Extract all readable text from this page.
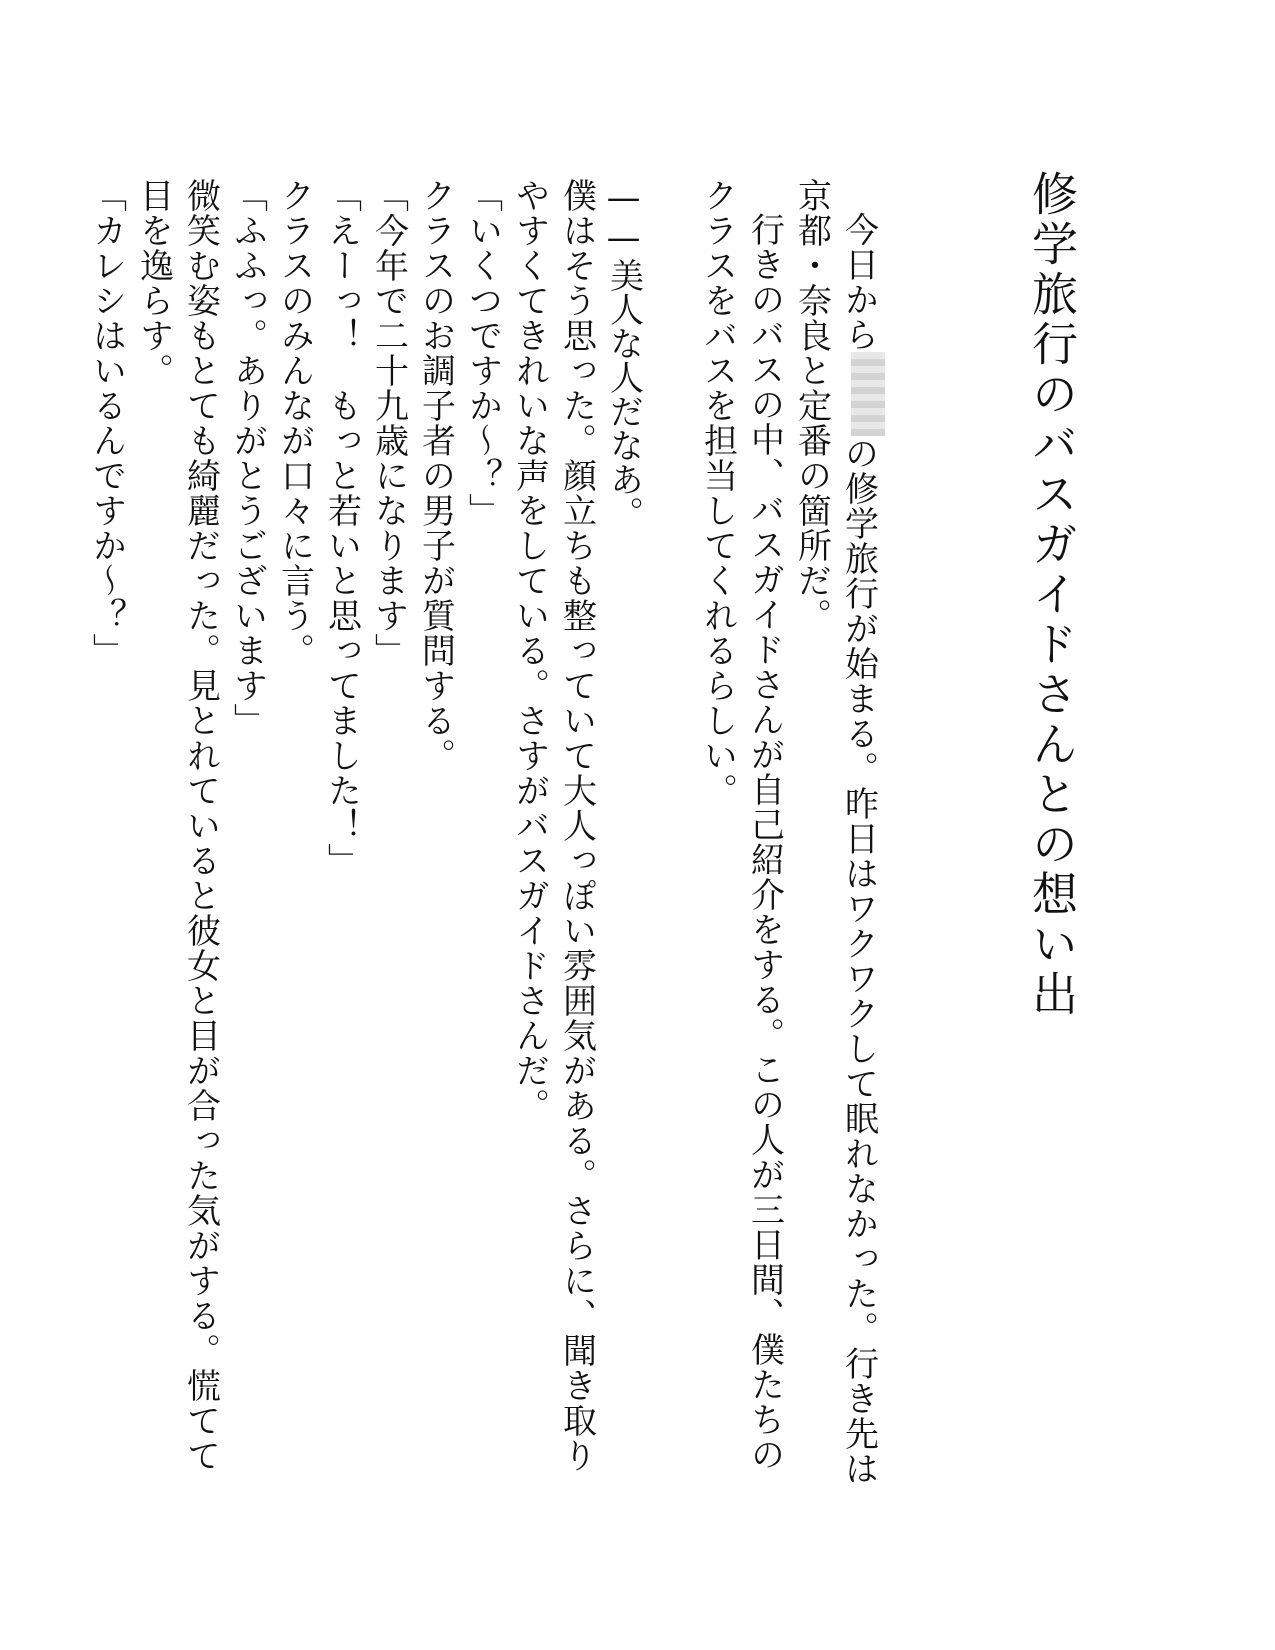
修学旅行のバスガイドさんとの想い出

今日からの修学旅行が始まる。昨日はワクワクして眠れなかった。行き先は京都・奈良と定番の箇所だ。

行きのバスの中、バスガイドさんが自己紹介をする。この人が三日間、僕たちのクラスをバスを担当してくれるらしい。

——美人な人だなあ。

僕はそう思った。顔立ちも整っていて大人っぽい雰囲気がある。さらに、聞き取りやすくてきれいな声をしている。さすがバスガイドさんだ。

「いくつですか〜？」

クラスのお調子者の男子が質問する。

「今年で二十九歳になります」

「えーっ！　もっと若いと思ってました！」

クラスのみんなが口々に言う。

「ふふっ。ありがとうございます」

微笑む姿もとても綺麗だった。見とれていると彼女と目が合った気がする。慌てて目を逸らす。

「カレシはいるんですか〜？」
